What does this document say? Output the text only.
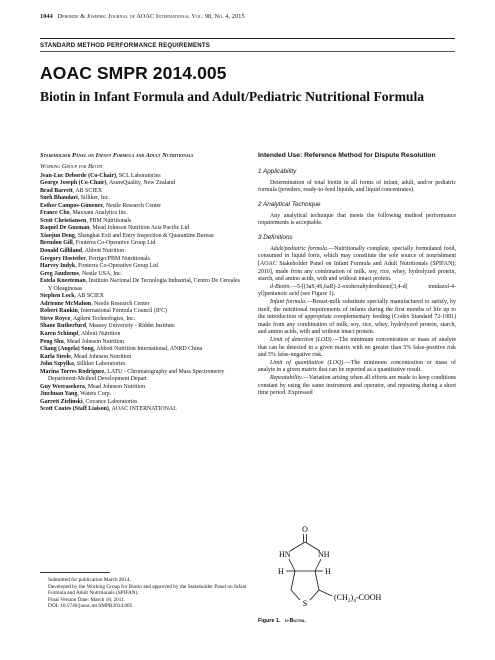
1044 Deborde & Josephs: Journal of AOAC International Vol. 98, No. 4, 2015
STANDARD METHOD PERFORMANCE REQUIREMENTS
AOAC SMPR 2014.005
Biotin in Infant Formula and Adult/Pediatric Nutritional Formula

Stakeholder Panel on Infant Formula and Adult Nutritionals

Working Group for Biotin

Jean-Luc Deborde (Co-Chair), SCL Laboratories
George Joseph (Co-Chair), AsureQuality, New Zealand
Brad Barrett, AB SCIEX
Sneh Bhandari, Silliker, Inc.
Esther Campos-Gimenez, Nestle Research Center
France Cho, Maxxam Analytics Inc.
Scott Christiansen, PBM Nutritionals
Raquel De Guzman, Mead Johnson Nutrition Asia Pacific Ltd
Xiaojun Deng, Shanghai Exit and Entry Inspection & Quarantine Bureau
Brendon Gill, Fonterra Co-Operative Group Ltd
Donald Gilliland, Abbott Nutrition
Gregory Hostetler, Perrigo/PBM Nutritionals
Harvey Indyk, Fonterra Co-Operative Group Ltd
Greg Jaudzems, Nestle USA, Inc.
Estela Kneeteman, Instituto Nacional De Tecnologia Industrial, Centro De Cereales Y Oleaginosas
Stephen Lock, AB SCIEX
Adrienne McMahon, Nestle Research Center
Robert Rankin, International Formula Council (IFC)
Steve Royce, Agilent Technologies, Inc.
Shane Rutherfurd, Massey University - Riddet Institute
Karen Schimpf, Abbott Nutrition
Peng Shu, Mead Johnson Nutrition
Chang (Angela) Song, Abbott Nutrition International, ANRD China
Karla Steele, Mead Johnson Nutrition
John Szpylka, Silliker Laboratories
Marina Torres Rodriguez, LATU - Chromatography and Mass Spectrometry Department-Method Development Depart
Guy Weerasekera, Mead Johnson Nutrition
Jinchuan Yang, Waters Corp.
Garrett Zielinski, Covance Laboratories
Scott Coates (Staff Liaison), AOAC INTERNATIONAL

Submitted for publication March 2014.

Developed by the Working Group for Biotin and approved by the Stakeholder Panel on Infant Formula and Adult Nutritionals (SPIFAN).

Final Version Date: March 18, 2011.

DOI: 10.5740/jaoac.int.SMPR2014.005

Intended Use: Reference Method for Dispute Resolution

1 Applicability

Determination of total biotin in all forms of infant, adult, and/or pediatric formula (powders, ready-to-feed liquids, and liquid concentrates).

2 Analytical Technique

Any analytical technique that meets the following method performance requirements is acceptable.

3 Definitions

Adult/pediatric formula.—Nutritionally complete, specially formulated food, consumed in liquid form, which may constitute the sole source of nourishment [AOAC Stakeholder Panel on Infant Formula and Adult Nutritionals (SPIFAN); 2010], made from any combination of milk, soy, rice, whey, hydrolyzed protein, starch, and amino acids, with and without intact protein.

d-Biotin.—5-[(3aS,4S,6aR)-2-oxohexahydrothieno[3,4-d] imidazol-4-yl]pentanoic acid (see Figure 1).

Infant formula.—Breast-milk substitute specially manufactured to satisfy, by itself, the nutritional requirements of infants during the first months of life up to the introduction of appropriate complementary feeding (Codex Standard 72-1981) made from any combination of milk, soy, rice, whey, hydrolyzed protein, starch, and amino acids, with and without intact protein.

Limit of detection (LOD).—The minimum concentration or mass of analyte that can be detected in a given matrix with no greater than 5% false-positive risk and 5% false-negative risk.

Limit of quantitation (LOQ).—The minimum concentration or mass of analyte in a given matrix that can be reported as a quantitative result.

Repeatability.—Variation arising when all efforts are made to keep conditions constant by using the same instrument and operator, and repeating during a short time period. Expressed

O
HN	NH
H	H
S
$(CH_2)_4$-COOH
Figure 1. d-Biotin.
